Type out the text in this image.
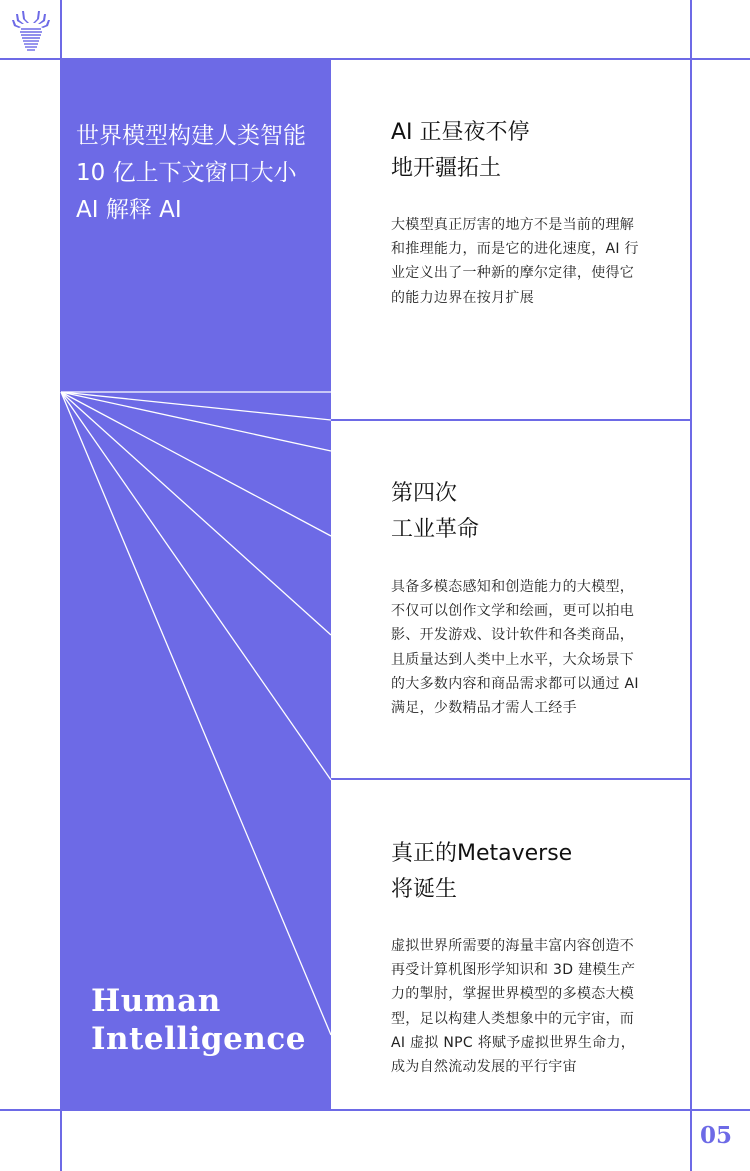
世界模型构建人类智能
10 亿上下文窗口大小
AI 解释 AI
Human
Intelligence
AI 正昼夜不停
地开疆拓土
大模型真正厉害的地方不是当前的理解和推理能力，而是它的进化速度，AI 行业定义出了一种新的摩尔定律，使得它的能力边界在按月扩展
第四次
工业革命
具备多模态感知和创造能力的大模型，不仅可以创作文学和绘画，更可以拍电影、开发游戏、设计软件和各类商品，且质量达到人类中上水平，大众场景下的大多数内容和商品需求都可以通过 AI 满足，少数精品才需人工经手
真正的Metaverse
将诞生
虚拟世界所需要的海量丰富内容创造不再受计算机图形学知识和 3D 建模生产力的掣肘，掌握世界模型的多模态大模型，足以构建人类想象中的元宇宙，而 AI 虚拟 NPC 将赋予虚拟世界生命力，成为自然流动发展的平行宇宙
05
